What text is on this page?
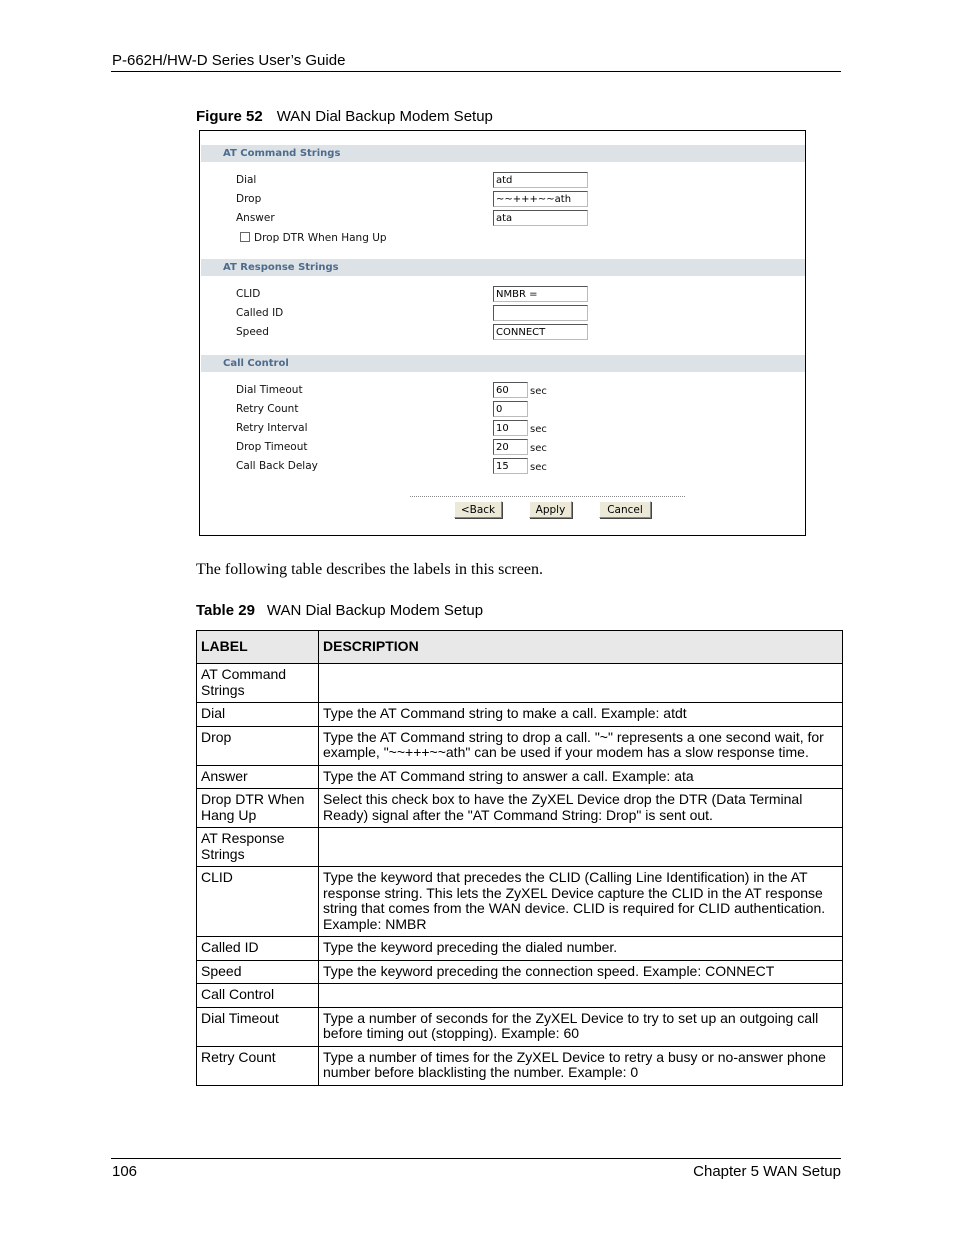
P-662H/HW-D Series User’s Guide
Figure 52 WAN Dial Backup Modem Setup
AT Command Strings
Dial	atd
Drop	~~+++~~ath
Answer	ata
Drop DTR When Hang Up
AT Response Strings
CLID	NMBR =
Called ID
Speed	CONNECT
Call Control
Dial Timeout	60	sec
Retry Count	0
Retry Interval	10	sec
Drop Timeout	20	sec
Call Back Delay	15	sec
<Back	Apply	Cancel
The following table describes the labels in this screen.
Table 29 WAN Dial Backup Modem Setup
LABEL	DESCRIPTION
AT Command Strings	
Dial	Type the AT Command string to make a call. Example: atdt
Drop	Type the AT Command string to drop a call. "~" represents a one second wait, for example, "~~+++~~ath" can be used if your modem has a slow response time.
Answer	Type the AT Command string to answer a call. Example: ata
Drop DTR When Hang Up	Select this check box to have the ZyXEL Device drop the DTR (Data Terminal Ready) signal after the "AT Command String: Drop" is sent out.
AT Response Strings	
CLID	Type the keyword that precedes the CLID (Calling Line Identification) in the AT response string. This lets the ZyXEL Device capture the CLID in the AT response string that comes from the WAN device. CLID is required for CLID authentication. Example: NMBR
Called ID	Type the keyword preceding the dialed number.
Speed	Type the keyword preceding the connection speed. Example: CONNECT
Call Control	
Dial Timeout	Type a number of seconds for the ZyXEL Device to try to set up an outgoing call before timing out (stopping). Example: 60
Retry Count	Type a number of times for the ZyXEL Device to retry a busy or no-answer phone number before blacklisting the number. Example: 0
106	Chapter 5 WAN Setup
